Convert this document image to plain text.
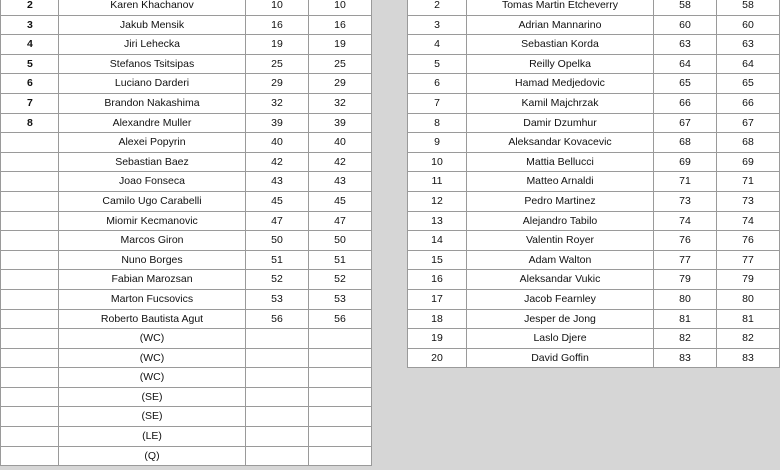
2	Karen Khachanov	10	10
3	Jakub Mensik	16	16
4	Jiri Lehecka	19	19
5	Stefanos Tsitsipas	25	25
6	Luciano Darderi	29	29
7	Brandon Nakashima	32	32
8	Alexandre Muller	39	39
	Alexei Popyrin	40	40
	Sebastian Baez	42	42
	Joao Fonseca	43	43
	Camilo Ugo Carabelli	45	45
	Miomir Kecmanovic	47	47
	Marcos Giron	50	50
	Nuno Borges	51	51
	Fabian Marozsan	52	52
	Marton Fucsovics	53	53
	Roberto Bautista Agut	56	56
	(WC)		
	(WC)		
	(WC)		
	(SE)		
	(SE)		
	(LE)		
	(Q)		
2	Tomas Martin Etcheverry	58	58
3	Adrian Mannarino	60	60
4	Sebastian Korda	63	63
5	Reilly Opelka	64	64
6	Hamad Medjedovic	65	65
7	Kamil Majchrzak	66	66
8	Damir Dzumhur	67	67
9	Aleksandar Kovacevic	68	68
10	Mattia Bellucci	69	69
11	Matteo Arnaldi	71	71
12	Pedro Martinez	73	73
13	Alejandro Tabilo	74	74
14	Valentin Royer	76	76
15	Adam Walton	77	77
16	Aleksandar Vukic	79	79
17	Jacob Fearnley	80	80
18	Jesper de Jong	81	81
19	Laslo Djere	82	82
20	David Goffin	83	83
